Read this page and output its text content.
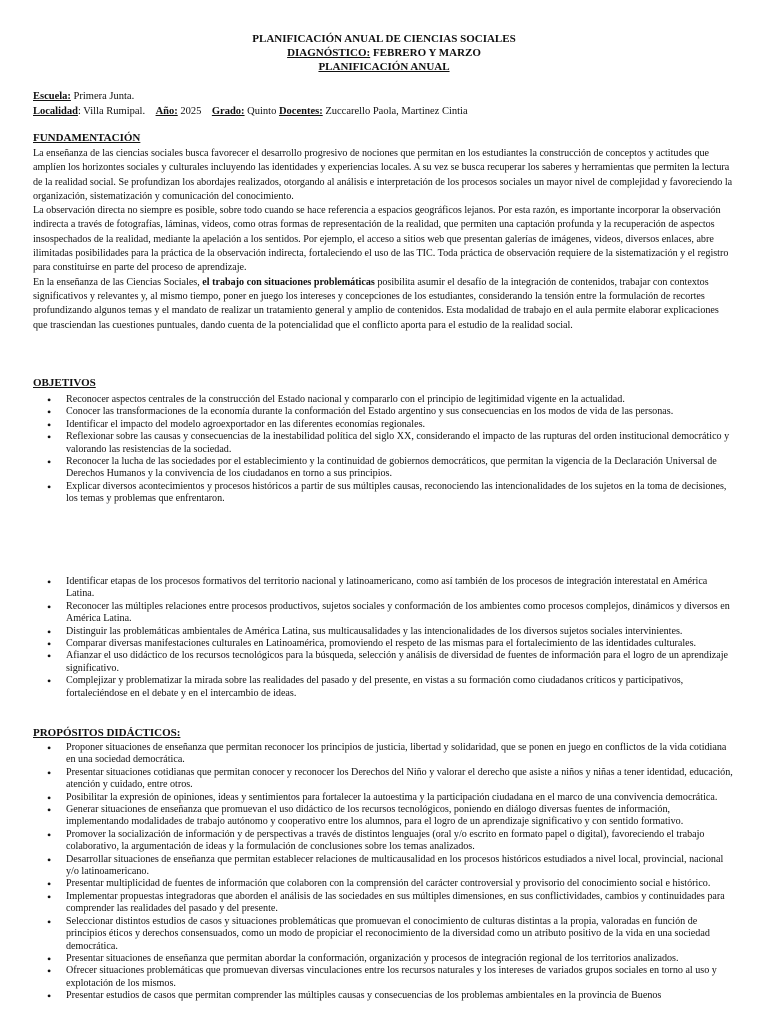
PLANIFICACIÓN ANUAL DE CIENCIAS SOCIALES
DIAGNÓSTICO: FEBRERO Y MARZO
PLANIFICACIÓN ANUAL
Escuela: Primera Junta.
Localidad: Villa Rumipal. Año: 2025 Grado: Quinto Docentes: Zuccarello Paola, Martinez Cintia
FUNDAMENTACIÓN
La enseñanza de las ciencias sociales busca favorecer el desarrollo progresivo de nociones que permitan en los estudiantes la construcción de conceptos y actitudes que amplíen los horizontes sociales y culturales incluyendo las identidades y experiencias locales. A su vez se busca recuperar los saberes y herramientas que permiten la lectura de la realidad social. Se profundizan los abordajes realizados, otorgando al análisis e interpretación de los procesos sociales un mayor nivel de complejidad y favoreciendo la organización, sistematización y comunicación del conocimiento.
La observación directa no siempre es posible, sobre todo cuando se hace referencia a espacios geográficos lejanos. Por esta razón, es importante incorporar la observación indirecta a través de fotografías, láminas, videos, como otras formas de representación de la realidad, que permiten una captación profunda y la recuperación de aspectos insospechados de la realidad, mediante la apelación a los sentidos. Por ejemplo, el acceso a sitios web que presentan galerías de imágenes, videos, diversos enlaces, abre ilimitadas posibilidades para la práctica de la observación indirecta, fortaleciendo el uso de las TIC. Toda práctica de observación requiere de la sistematización y el registro para constituirse en parte del proceso de aprendizaje.
En la enseñanza de las Ciencias Sociales, el trabajo con situaciones problemáticas posibilita asumir el desafío de la integración de contenidos, trabajar con contextos significativos y relevantes y, al mismo tiempo, poner en juego los intereses y concepciones de los estudiantes, considerando la tensión entre la formulación de recortes profundizando algunos temas y el mandato de realizar un tratamiento general y amplio de contenidos. Esta modalidad de trabajo en el aula permite elaborar explicaciones que trasciendan las cuestiones puntuales, dando cuenta de la potencialidad que el conflicto aporta para el estudio de la realidad social.
OBJETIVOS
• Reconocer aspectos centrales de la construcción del Estado nacional y compararlo con el principio de legitimidad vigente en la actualidad.
• Conocer las transformaciones de la economía durante la conformación del Estado argentino y sus consecuencias en los modos de vida de las personas.
• Identificar el impacto del modelo agroexportador en las diferentes economías regionales.
• Reflexionar sobre las causas y consecuencias de la inestabilidad política del siglo XX, considerando el impacto de las rupturas del orden institucional democrático y valorando las resistencias de la sociedad.
• Reconocer la lucha de las sociedades por el establecimiento y la continuidad de gobiernos democráticos, que permitan la vigencia de la Declaración Universal de Derechos Humanos y la convivencia de los ciudadanos en torno a sus principios.
• Explicar diversos acontecimientos y procesos históricos a partir de sus múltiples causas, reconociendo las intencionalidades de los sujetos en la toma de decisiones, los temas y problemas que enfrentaron.
• Identificar etapas de los procesos formativos del territorio nacional y latinoamericano, como así también de los procesos de integración interestatal en América Latina.
• Reconocer las múltiples relaciones entre procesos productivos, sujetos sociales y conformación de los ambientes como procesos complejos, dinámicos y diversos en América Latina.
• Distinguir las problemáticas ambientales de América Latina, sus multicausalidades y las intencionalidades de los diversos sujetos sociales intervinientes.
• Comparar diversas manifestaciones culturales en Latinoamérica, promoviendo el respeto de las mismas para el fortalecimiento de las identidades culturales.
• Afianzar el uso didáctico de los recursos tecnológicos para la búsqueda, selección y análisis de diversidad de fuentes de información para el logro de un aprendizaje significativo.
• Complejizar y problematizar la mirada sobre las realidades del pasado y del presente, en vistas a su formación como ciudadanos críticos y participativos, fortaleciéndose en el debate y en el intercambio de ideas.
PROPÓSITOS DIDÁCTICOS:
• Proponer situaciones de enseñanza que permitan reconocer los principios de justicia, libertad y solidaridad, que se ponen en juego en conflictos de la vida cotidiana en una sociedad democrática.
• Presentar situaciones cotidianas que permitan conocer y reconocer los Derechos del Niño y valorar el derecho que asiste a niños y niñas a tener identidad, educación, atención y cuidado, entre otros.
• Posibilitar la expresión de opiniones, ideas y sentimientos para fortalecer la autoestima y la participación ciudadana en el marco de una convivencia democrática.
• Generar situaciones de enseñanza que promuevan el uso didáctico de los recursos tecnológicos, poniendo en diálogo diversas fuentes de información, implementando modalidades de trabajo autónomo y cooperativo entre los alumnos, para el logro de un aprendizaje significativo y con sentido formativo.
• Promover la socialización de información y de perspectivas a través de distintos lenguajes (oral y/o escrito en formato papel o digital), favoreciendo el trabajo colaborativo, la argumentación de ideas y la formulación de conclusiones sobre los temas analizados.
• Desarrollar situaciones de enseñanza que permitan establecer relaciones de multicausalidad en los procesos históricos estudiados a nivel local, provincial, nacional y/o latinoamericano.
• Presentar multiplicidad de fuentes de información que colaboren con la comprensión del carácter controversial y provisorio del conocimiento social e histórico.
• Implementar propuestas integradoras que aborden el análisis de las sociedades en sus múltiples dimensiones, en sus conflictividades, cambios y continuidades para comprender las realidades del pasado y del presente.
• Seleccionar distintos estudios de casos y situaciones problemáticas que promuevan el conocimiento de culturas distintas a la propia, valoradas en función de principios éticos y derechos consensuados, como un modo de propiciar el reconocimiento de la diversidad como un atributo positivo de la vida en una sociedad democrática.
• Presentar situaciones de enseñanza que permitan abordar la conformación, organización y procesos de integración regional de los territorios analizados.
• Ofrecer situaciones problemáticas que promuevan diversas vinculaciones entre los recursos naturales y los intereses de variados grupos sociales en torno al uso y explotación de los mismos.
• Presentar estudios de casos que permitan comprender las múltiples causas y consecuencias de los problemas ambientales en la provincia de Buenos
